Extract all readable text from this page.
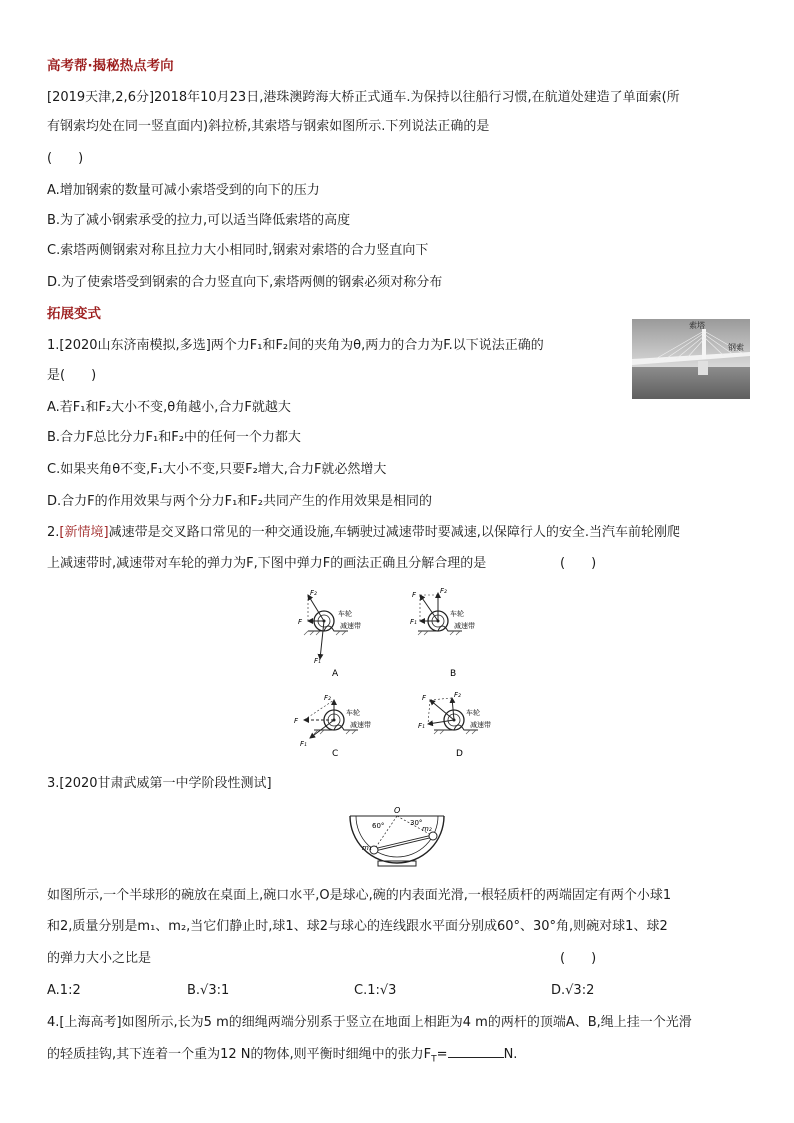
高考帮·揭秘热点考向
[2019天津,2,6分]2018年10月23日,港珠澳跨海大桥正式通车.为保持以往船行习惯,在航道处建造了单面索(所
有钢索均处在同一竖直面内)斜拉桥,其索塔与钢索如图所示.下列说法正确的是
(　　)
A.增加钢索的数量可减小索塔受到的向下的压力
B.为了减小钢索承受的拉力,可以适当降低索塔的高度
C.索塔两侧钢索对称且拉力大小相同时,钢索对索塔的合力竖直向下
D.为了使索塔受到钢索的合力竖直向下,索塔两侧的钢索必须对称分布
拓展变式
索塔
钢索
1.[2020山东济南模拟,多选]两个力F₁和F₂间的夹角为θ,两力的合力为F.以下说法正确的
是(　　)
A.若F₁和F₂大小不变,θ角越小,合力F就越大
B.合力F总比分力F₁和F₂中的任何一个力都大
C.如果夹角θ不变,F₁大小不变,只要F₂增大,合力F就必然增大
D.合力F的作用效果与两个分力F₁和F₂共同产生的作用效果是相同的
2.[新情境]减速带是交叉路口常见的一种交通设施,车辆驶过减速带时要减速,以保障行人的安全.当汽车前轮刚爬
上减速带时,减速带对车轮的弹力为F,下图中弹力F的画法正确且分解合理的是	(　　)
F₂
F
F₁
车轮
减速带
A
F	F₂
F₁
车轮
减速带
B
F
F₂
F₁
车轮
减速带
C
F	F₂
F₁
车轮
减速带
D
3.[2020甘肃武威第一中学阶段性测试]
O
60°	30°
m₁
m₂
如图所示,一个半球形的碗放在桌面上,碗口水平,O是球心,碗的内表面光滑,一根轻质杆的两端固定有两个小球1
和2,质量分别是m₁、m₂,当它们静止时,球1、球2与球心的连线跟水平面分别成60°、30°角,则碗对球1、球2
的弹力大小之比是	(　　)
A.1:2	B.√3:1	C.1:√3	D.√3:2
4.[上海高考]如图所示,长为5 m的细绳两端分别系于竖立在地面上相距为4 m的两杆的顶端A、B,绳上挂一个光滑
的轻质挂钩,其下连着一个重为12 N的物体,则平衡时细绳中的张力$F_T=$	N.
